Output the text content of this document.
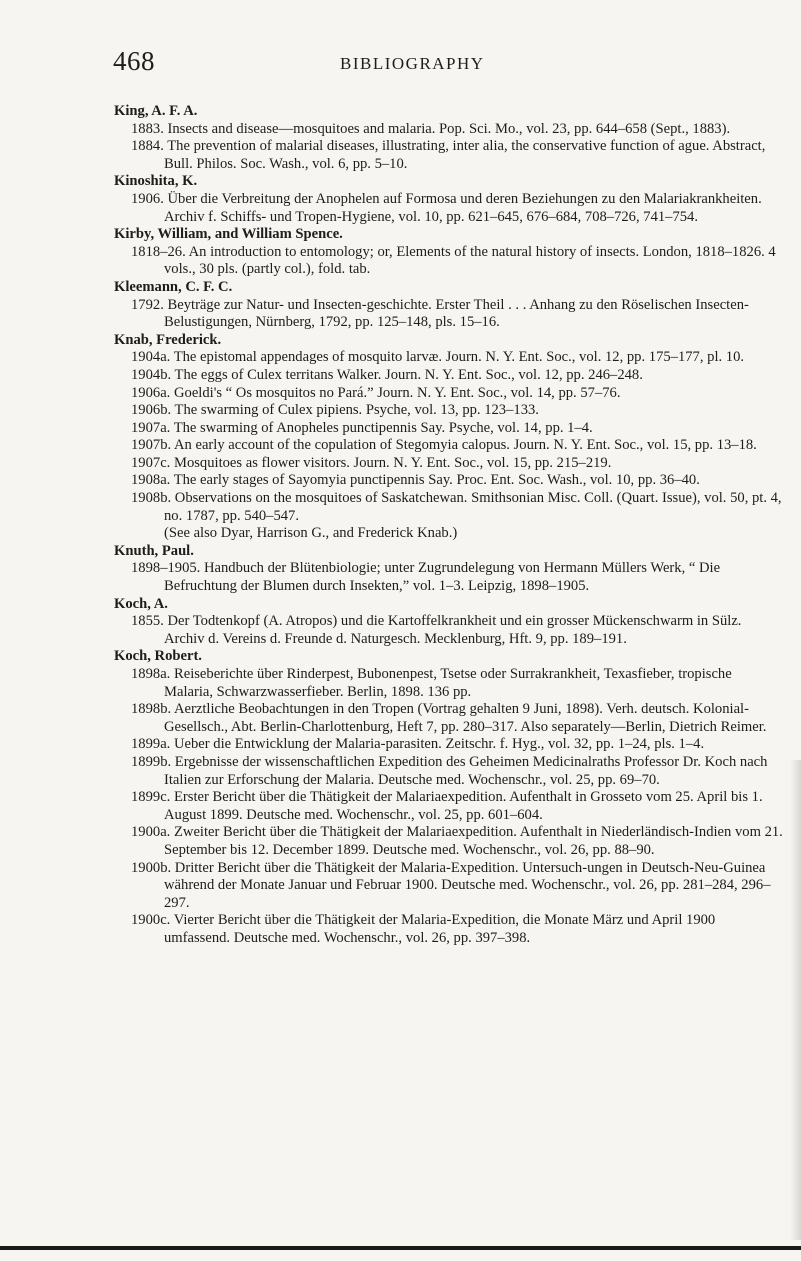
468	BIBLIOGRAPHY
King, A. F. A.
1883. Insects and disease—mosquitoes and malaria. Pop. Sci. Mo., vol. 23, pp. 644–658 (Sept., 1883).
1884. The prevention of malarial diseases, illustrating, inter alia, the conservative function of ague. Abstract, Bull. Philos. Soc. Wash., vol. 6, pp. 5–10.
Kinoshita, K.
1906. Über die Verbreitung der Anophelen auf Formosa und deren Beziehungen zu den Malariakrankheiten. Archiv f. Schiffs- und Tropen-Hygiene, vol. 10, pp. 621–645, 676–684, 708–726, 741–754.
Kirby, William, and William Spence.
1818–26. An introduction to entomology; or, Elements of the natural history of insects. London, 1818–1826. 4 vols., 30 pls. (partly col.), fold. tab.
Kleemann, C. F. C.
1792. Beyträge zur Natur- und Insecten-geschichte. Erster Theil . . . Anhang zu den Röselischen Insecten-Belustigungen, Nürnberg, 1792, pp. 125–148, pls. 15–16.
Knab, Frederick.
1904a. The epistomal appendages of mosquito larvæ. Journ. N. Y. Ent. Soc., vol. 12, pp. 175–177, pl. 10.
1904b. The eggs of Culex territans Walker. Journ. N. Y. Ent. Soc., vol. 12, pp. 246–248.
1906a. Goeldi's “ Os mosquitos no Pará.” Journ. N. Y. Ent. Soc., vol. 14, pp. 57–76.
1906b. The swarming of Culex pipiens. Psyche, vol. 13, pp. 123–133.
1907a. The swarming of Anopheles punctipennis Say. Psyche, vol. 14, pp. 1–4.
1907b. An early account of the copulation of Stegomyia calopus. Journ. N. Y. Ent. Soc., vol. 15, pp. 13–18.
1907c. Mosquitoes as flower visitors. Journ. N. Y. Ent. Soc., vol. 15, pp. 215–219.
1908a. The early stages of Sayomyia punctipennis Say. Proc. Ent. Soc. Wash., vol. 10, pp. 36–40.
1908b. Observations on the mosquitoes of Saskatchewan. Smithsonian Misc. Coll. (Quart. Issue), vol. 50, pt. 4, no. 1787, pp. 540–547.
(See also Dyar, Harrison G., and Frederick Knab.)
Knuth, Paul.
1898–1905. Handbuch der Blütenbiologie; unter Zugrundelegung von Hermann Müllers Werk, “ Die Befruchtung der Blumen durch Insekten,” vol. 1–3. Leipzig, 1898–1905.
Koch, A.
1855. Der Todtenkopf (A. Atropos) und die Kartoffelkrankheit und ein grosser Mückenschwarm in Sülz. Archiv d. Vereins d. Freunde d. Naturgesch. Mecklenburg, Hft. 9, pp. 189–191.
Koch, Robert.
1898a. Reiseberichte über Rinderpest, Bubonenpest, Tsetse oder Surrakrankheit, Texasfieber, tropische Malaria, Schwarzwasserfieber. Berlin, 1898. 136 pp.
1898b. Aerztliche Beobachtungen in den Tropen (Vortrag gehalten 9 Juni, 1898). Verh. deutsch. Kolonial-Gesellsch., Abt. Berlin-Charlottenburg, Heft 7, pp. 280–317. Also separately—Berlin, Dietrich Reimer.
1899a. Ueber die Entwicklung der Malaria-parasiten. Zeitschr. f. Hyg., vol. 32, pp. 1–24, pls. 1–4.
1899b. Ergebnisse der wissenschaftlichen Expedition des Geheimen Medicinalraths Professor Dr. Koch nach Italien zur Erforschung der Malaria. Deutsche med. Wochenschr., vol. 25, pp. 69–70.
1899c. Erster Bericht über die Thätigkeit der Malariaexpedition. Aufenthalt in Grosseto vom 25. April bis 1. August 1899. Deutsche med. Wochenschr., vol. 25, pp. 601–604.
1900a. Zweiter Bericht über die Thätigkeit der Malariaexpedition. Aufenthalt in Niederländisch-Indien vom 21. September bis 12. December 1899. Deutsche med. Wochenschr., vol. 26, pp. 88–90.
1900b. Dritter Bericht über die Thätigkeit der Malaria-Expedition. Untersuch-ungen in Deutsch-Neu-Guinea während der Monate Januar und Februar 1900. Deutsche med. Wochenschr., vol. 26, pp. 281–284, 296–297.
1900c. Vierter Bericht über die Thätigkeit der Malaria-Expedition, die Monate März und April 1900 umfassend. Deutsche med. Wochenschr., vol. 26, pp. 397–398.
